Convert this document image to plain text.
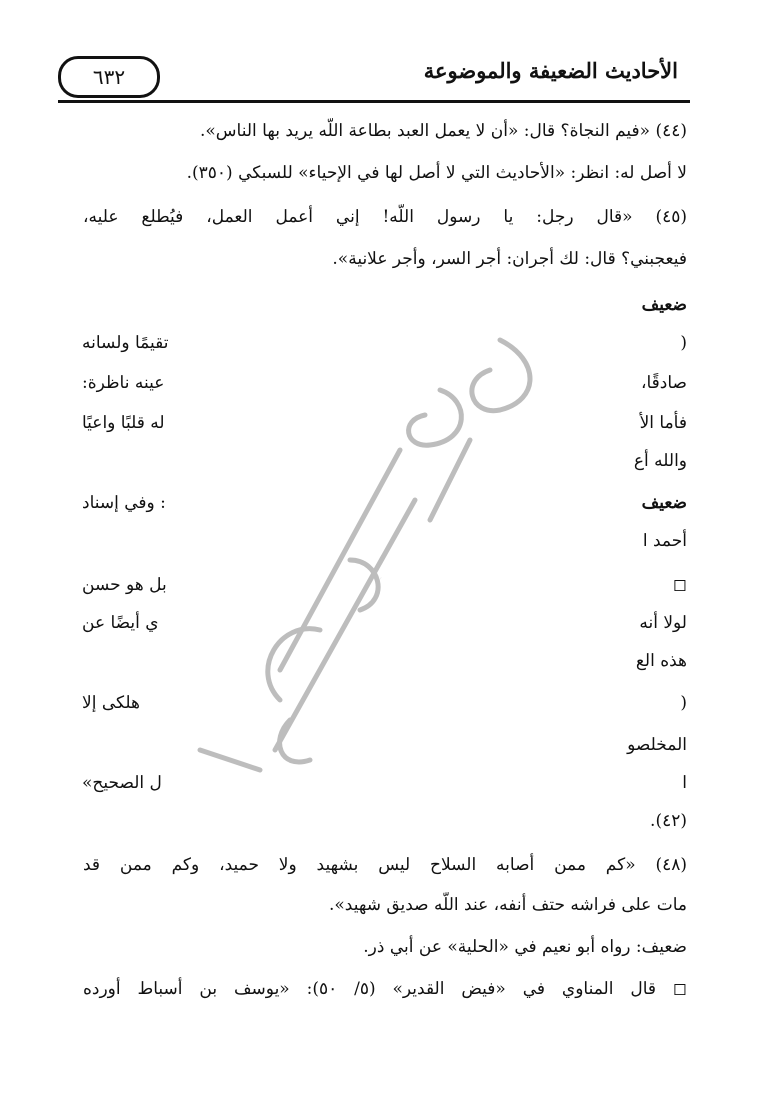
الأحاديث الضعيفة والموضوعة
٦٣٢
(٤٤) «فيم النجاة؟ قال: «أن لا يعمل العبد بطاعة اللَّه يريد بها الناس».
لا أصل له: انظر: «الأحاديث التي لا أصل لها في الإحياء» للسبكي (٣٥٠).
(٤٥) «قال رجل: يا رسول اللَّه! إني أعمل العمل، فيُطلع عليه،
فيعجبني؟ قال: لك أجران: أجر السر، وأجر علانية».
ضعيف
(
صادقًا،
فأما الأ
والله أع
ضعيف
أحمد ا
◻
لولا أنه
هذه الع
(
المخلصو
ا
(٤٢).
تقيمًا ولسانه
عينه ناظرة:
له قلبًا واعيًا
: وفي إسناد
بل هو حسن
ي أيضًا عن
هلكى إلا
ل الصحيح»
(٤٨) «كم ممن أصابه السلاح ليس بشهيد ولا حميد، وكم ممن قد
مات على فراشه حتف أنفه، عند اللَّه صديق شهيد».
ضعيف: رواه أبو نعيم في «الحلية» عن أبي ذر.
◻ قال المناوي في «فيض القدير» (٥/ ٥٠): «يوسف بن أسباط أورده
وقف لله تعالى
